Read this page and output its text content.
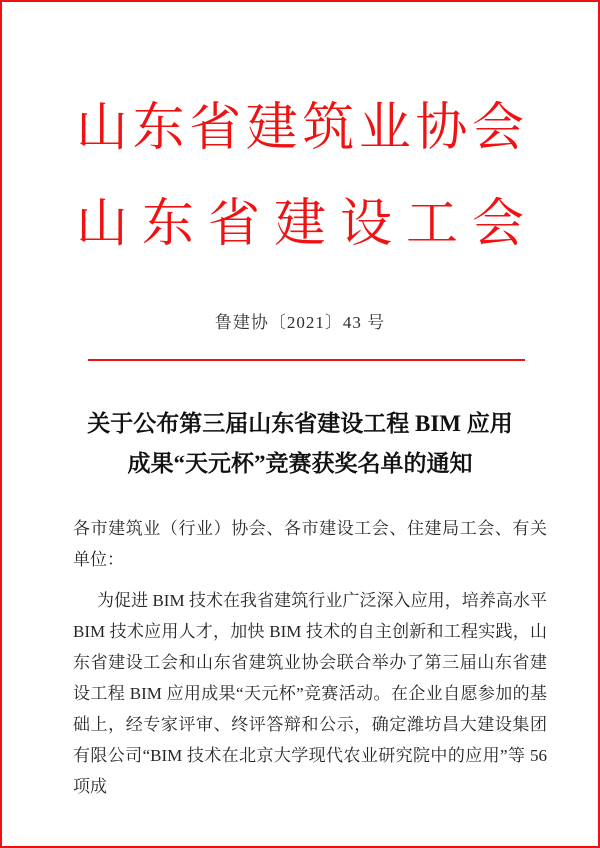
山东省建筑业协会
山东省建设工会
鲁建协〔2021〕43 号
关于公布第三届山东省建设工程 BIM 应用
成果“天元杯”竞赛获奖名单的通知
各市建筑业（行业）协会、各市建设工会、住建局工会、有关单位：
为促进 BIM 技术在我省建筑行业广泛深入应用，培养高水平 BIM 技术应用人才，加快 BIM 技术的自主创新和工程实践，山东省建设工会和山东省建筑业协会联合举办了第三届山东省建设工程 BIM 应用成果“天元杯”竞赛活动。在企业自愿参加的基础上，经专家评审、终评答辩和公示，确定潍坊昌大建设集团有限公司“BIM 技术在北京大学现代农业研究院中的应用”等 56 项成
